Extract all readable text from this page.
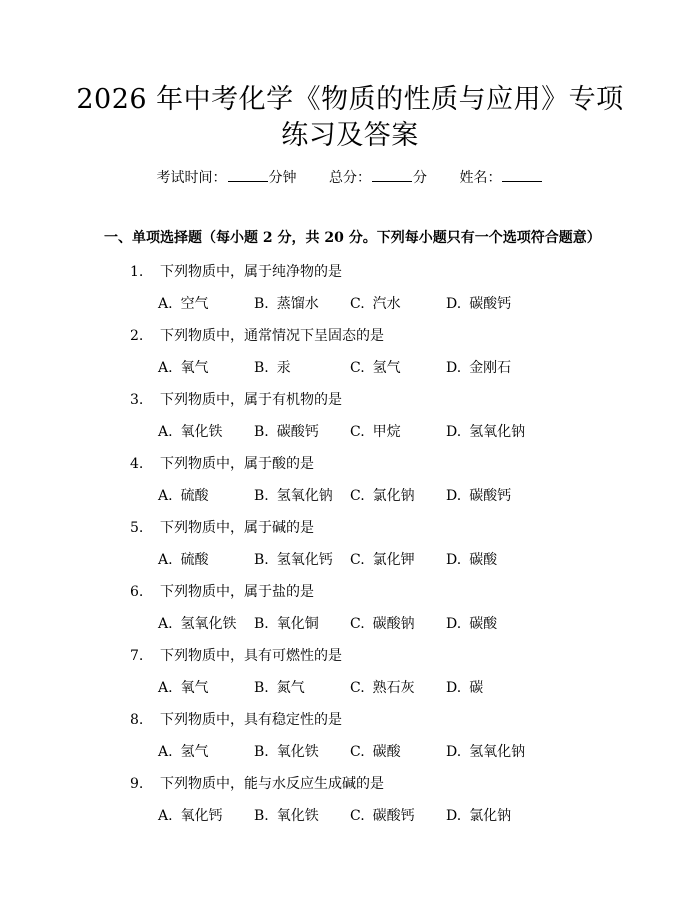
2026 年中考化学《物质的性质与应用》专项
练习及答案
考试时间：	分钟 总分：	分 姓名：
一、单项选择题（每小题 2 分，共 20 分。下列每小题只有一个选项符合题意）
1. 下列物质中，属于纯净物的是
A. 空气	B. 蒸馏水 C. 汽水	D. 碳酸钙
2. 下列物质中，通常情况下呈固态的是
A. 氧气	B. 汞	C. 氢气	D. 金刚石
3. 下列物质中，属于有机物的是
A. 氧化铁 B. 碳酸钙 C. 甲烷	D. 氢氧化钠
4. 下列物质中，属于酸的是
A. 硫酸	B. 氢氧化钠 C. 氯化钠 D. 碳酸钙
5. 下列物质中，属于碱的是
A. 硫酸	B. 氢氧化钙 C. 氯化钾 D. 碳酸
6. 下列物质中，属于盐的是
A. 氢氧化铁 B. 氧化铜 C. 碳酸钠 D. 碳酸
7. 下列物质中，具有可燃性的是
A. 氧气	B. 氮气	C. 熟石灰 D. 碳
8. 下列物质中，具有稳定性的是
A. 氢气	B. 氧化铁 C. 碳酸	D. 氢氧化钠
9. 下列物质中，能与水反应生成碱的是
A. 氧化钙 B. 氧化铁 C. 碳酸钙 D. 氯化钠
